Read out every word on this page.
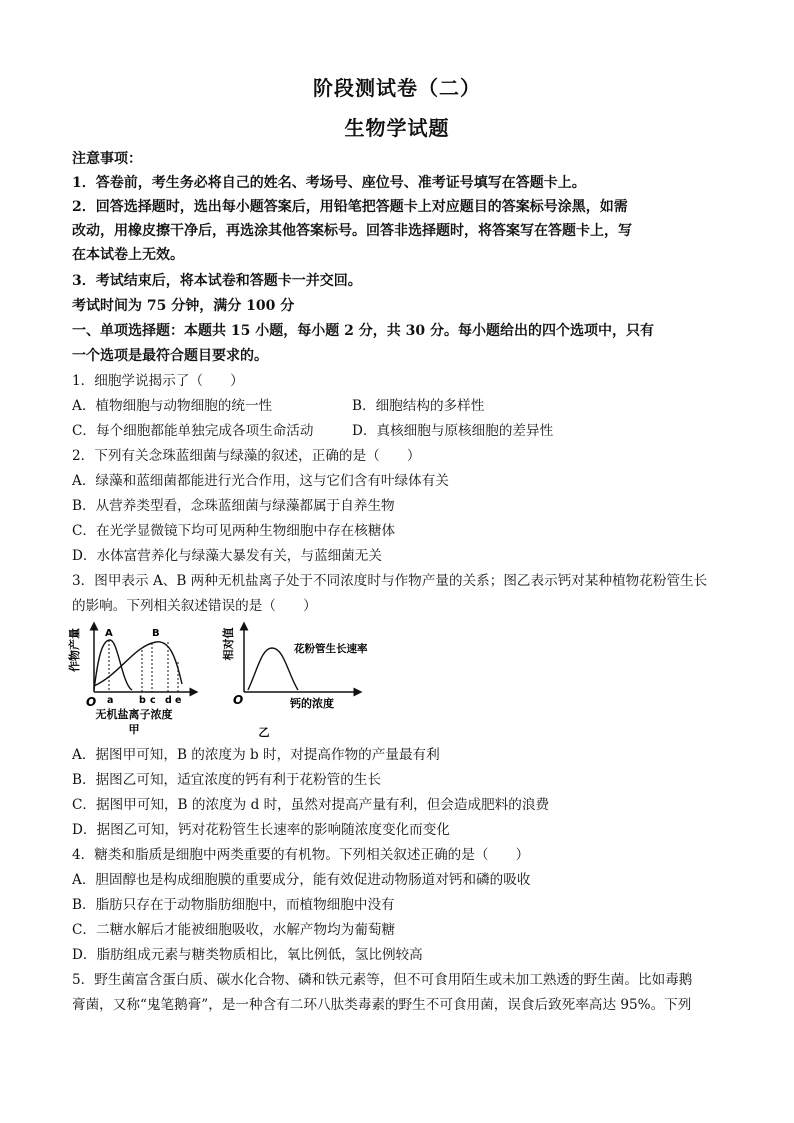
阶段测试卷（二）
生物学试题
注意事项：
1．答卷前，考生务必将自己的姓名、考场号、座位号、准考证号填写在答题卡上。
2．回答选择题时，选出每小题答案后，用铅笔把答题卡上对应题目的答案标号涂黑，如需
改动，用橡皮擦干净后，再选涂其他答案标号。回答非选择题时，将答案写在答题卡上，写
在本试卷上无效。
3．考试结束后，将本试卷和答题卡一并交回。
考试时间为 75 分钟，满分 100 分
一、单项选择题：本题共 15 小题，每小题 2 分，共 30 分。每小题给出的四个选项中，只有
一个选项是最符合题目要求的。
1．细胞学说揭示了（　　）
A．植物细胞与动物细胞的统一性	B．细胞结构的多样性
C．每个细胞都能单独完成各项生命活动	D．真核细胞与原核细胞的差异性
2．下列有关念珠蓝细菌与绿藻的叙述，正确的是（　　）
A．绿藻和蓝细菌都能进行光合作用，这与它们含有叶绿体有关
B．从营养类型看，念珠蓝细菌与绿藻都属于自养生物
C．在光学显微镜下均可见两种生物细胞中存在核糖体
D．水体富营养化与绿藻大暴发有关，与蓝细菌无关
3．图甲表示 A、B 两种无机盐离子处于不同浓度时与作物产量的关系；图乙表示钙对某种植物花粉管生长
的影响。下列相关叙述错误的是（　　）
作物产量
O
A	B
a	b c d e
无机盐离子浓度
甲
相对值
O
花粉管生长速率
钙的浓度
乙
A．据图甲可知，B 的浓度为 b 时，对提高作物的产量最有利
B．据图乙可知，适宜浓度的钙有利于花粉管的生长
C．据图甲可知，B 的浓度为 d 时，虽然对提高产量有利，但会造成肥料的浪费
D．据图乙可知，钙对花粉管生长速率的影响随浓度变化而变化
4．糖类和脂质是细胞中两类重要的有机物。下列相关叙述正确的是（　　）
A．胆固醇也是构成细胞膜的重要成分，能有效促进动物肠道对钙和磷的吸收
B．脂肪只存在于动物脂肪细胞中，而植物细胞中没有
C．二糖水解后才能被细胞吸收，水解产物均为葡萄糖
D．脂肪组成元素与糖类物质相比，氧比例低，氢比例较高
5．野生菌富含蛋白质、碳水化合物、磷和铁元素等，但不可食用陌生或未加工熟透的野生菌。比如毒鹅
膏菌，又称“鬼笔鹅膏”，是一种含有二环八肽类毒素的野生不可食用菌，误食后致死率高达 95%。下列
